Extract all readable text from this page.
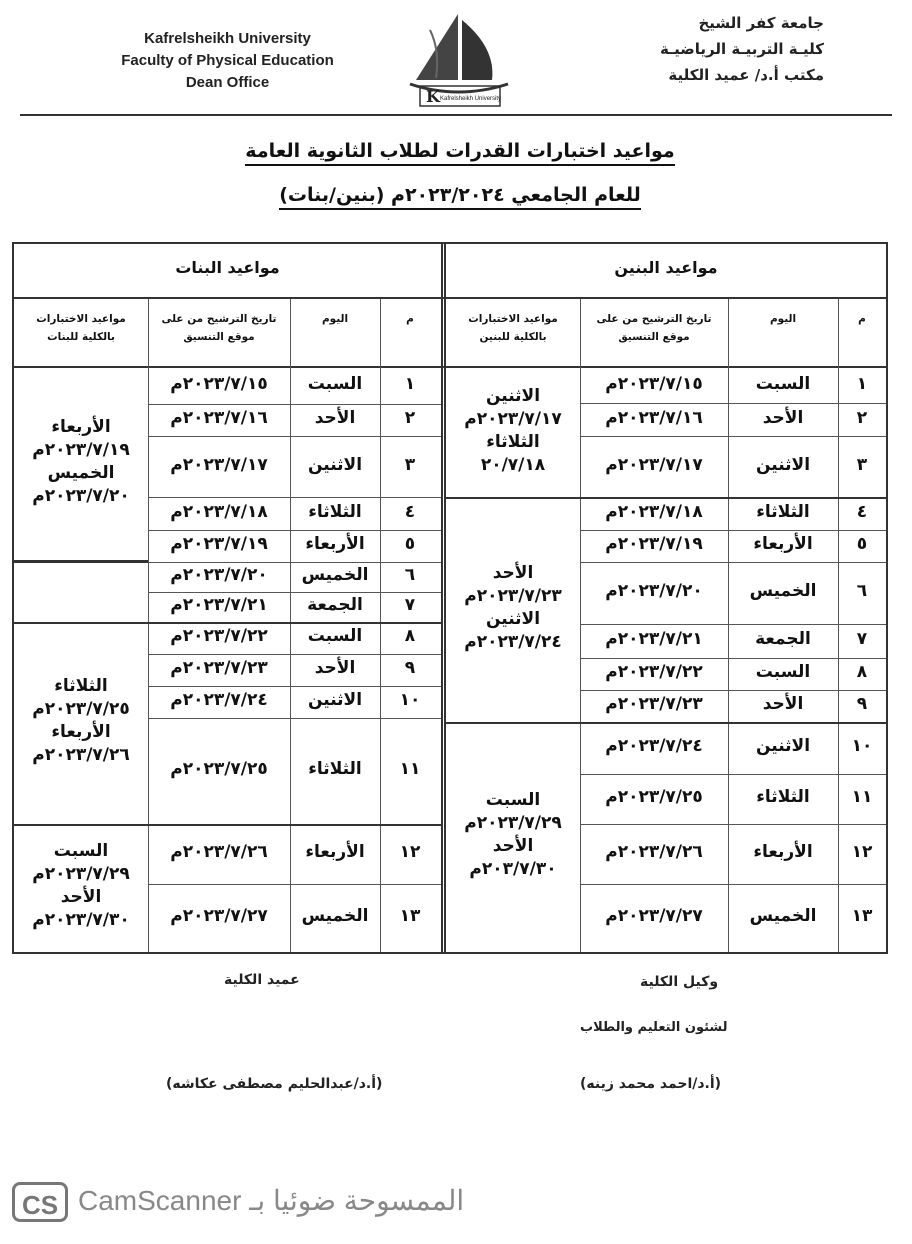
Kafrelsheikh University
Faculty of Physical Education
Dean Office
K Kafrelsheikh University
جامعة كفر الشيخ
كليـة التربيـة الرياضيـة
مكتب أ.د/ عميد الكلية
مواعيد اختبارات القدرات لطلاب الثانوية العامة
للعام الجامعي ٢٠٢٣/٢٠٢٤م (بنين/بنات)
مواعيد البنين
م
اليوم
تاريخ الترشيح من على موقع التنسيق
مواعيد الاختبارات بالكلية للبنين
١
السبت
٢٠٢٣/٧/١٥م
٢
الأحد
٢٠٢٣/٧/١٦م
٣
الاثنين
٢٠٢٣/٧/١٧م
٤
الثلاثاء
٢٠٢٣/٧/١٨م
٥
الأربعاء
٢٠٢٣/٧/١٩م
٦
الخميس
٢٠٢٣/٧/٢٠م
٧
الجمعة
٢٠٢٣/٧/٢١م
٨
السبت
٢٠٢٣/٧/٢٢م
٩
الأحد
٢٠٢٣/٧/٢٣م
١٠
الاثنين
٢٠٢٣/٧/٢٤م
١١
الثلاثاء
٢٠٢٣/٧/٢٥م
١٢
الأربعاء
٢٠٢٣/٧/٢٦م
١٣
الخميس
٢٠٢٣/٧/٢٧م
الاثنين
٢٠٢٣/٧/١٧م
الثلاثاء
٢٠/٧/١٨
الأحد
٢٠٢٣/٧/٢٣م
الاثنين
٢٠٢٣/٧/٢٤م
السبت
٢٠٢٣/٧/٢٩م
الأحد
٢٠٣/٧/٣٠م
مواعيد البنات
م
اليوم
تاريخ الترشيح من على موقع التنسيق
مواعيد الاختبارات بالكلية للبنات
١
السبت
٢٠٢٣/٧/١٥م
٢
الأحد
٢٠٢٣/٧/١٦م
٣
الاثنين
٢٠٢٣/٧/١٧م
٤
الثلاثاء
٢٠٢٣/٧/١٨م
٥
الأربعاء
٢٠٢٣/٧/١٩م
٦
الخميس
٢٠٢٣/٧/٢٠م
٧
الجمعة
٢٠٢٣/٧/٢١م
٨
السبت
٢٠٢٣/٧/٢٢م
٩
الأحد
٢٠٢٣/٧/٢٣م
١٠
الاثنين
٢٠٢٣/٧/٢٤م
١١
الثلاثاء
٢٠٢٣/٧/٢٥م
١٢
الأربعاء
٢٠٢٣/٧/٢٦م
١٣
الخميس
٢٠٢٣/٧/٢٧م
الأربعاء
٢٠٢٣/٧/١٩م
الخميس
٢٠٢٣/٧/٢٠م
الثلاثاء
٢٠٢٣/٧/٢٥م
الأربعاء
٢٠٢٣/٧/٢٦م
السبت
٢٠٢٣/٧/٢٩م
الأحد
٢٠٢٣/٧/٣٠م
وكيل الكلية
لشئون التعليم والطلاب
(أ.د/احمد محمد زينه)
عميد الكلية
(أ.د/عبدالحليم مصطفى عكاشه)
CS CamScanner الممسوحة ضوئيا بـ
